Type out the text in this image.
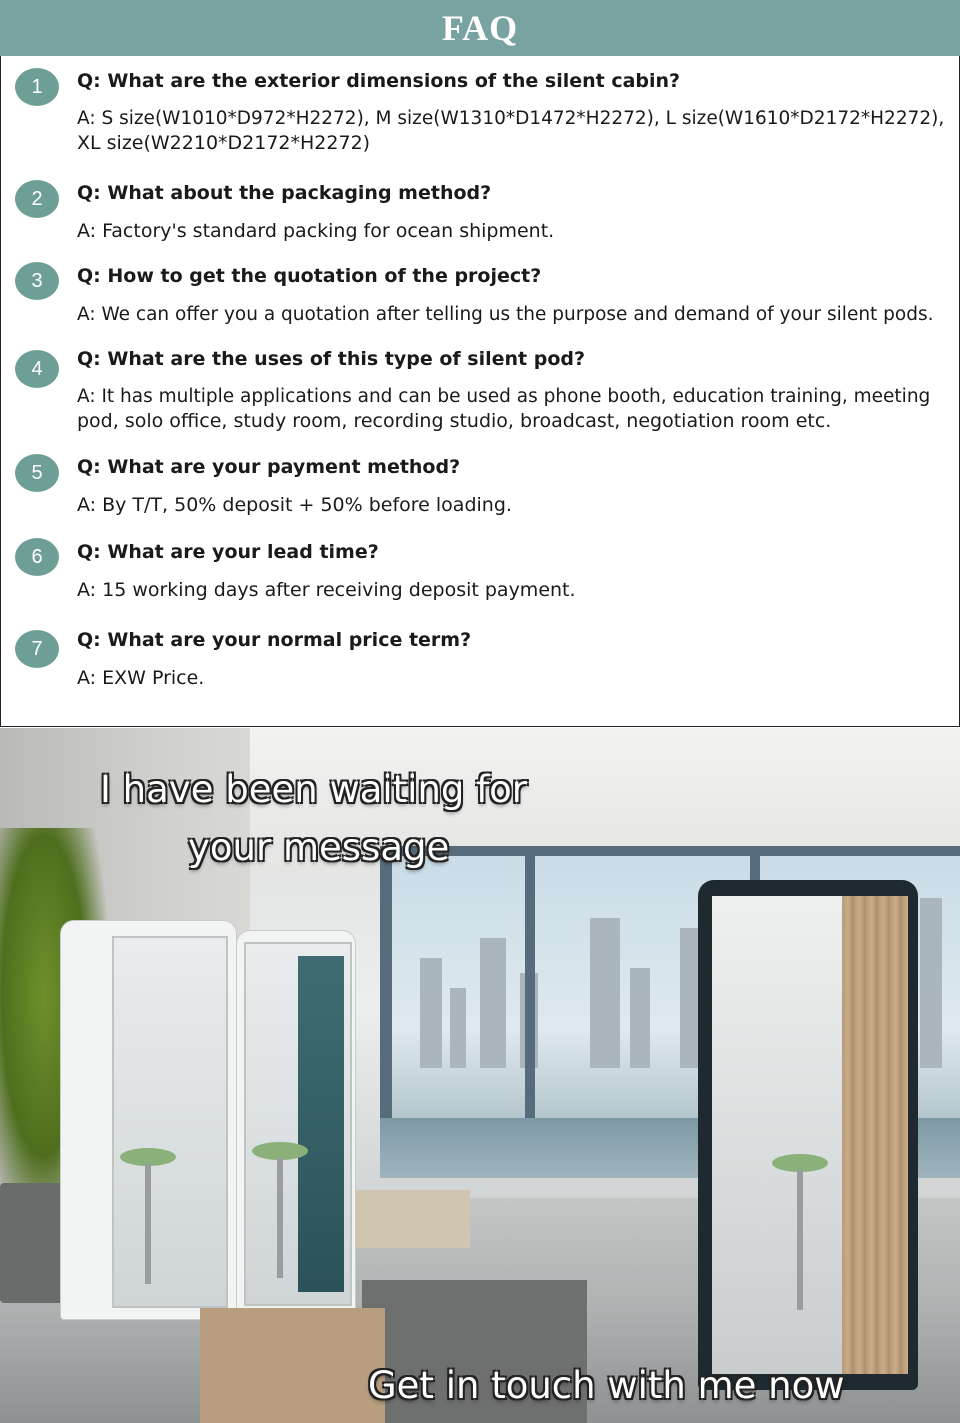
FAQ
1	Q: What are the exterior dimensions of the silent cabin?
A: S size(W1010*D972*H2272), M size(W1310*D1472*H2272), L size(W1610*D2172*H2272),
XL size(W2210*D2172*H2272)
2	Q: What about the packaging method?
A: Factory's standard packing for ocean shipment.
3	Q: How to get the quotation of the project?
A: We can offer you a quotation after telling us the purpose and demand of your silent pods.
4	Q: What are the uses of this type of silent pod?
A: It has multiple applications and can be used as phone booth, education training, meeting
pod, solo office, study room, recording studio, broadcast, negotiation room etc.
5	Q: What are your payment method?
A: By T/T, 50% deposit + 50% before loading.
6	Q: What are your lead time?
A: 15 working days after receiving deposit payment.
7	Q: What are your normal price term?
A: EXW Price.
I have been waiting for
your message
Get in touch with me now
